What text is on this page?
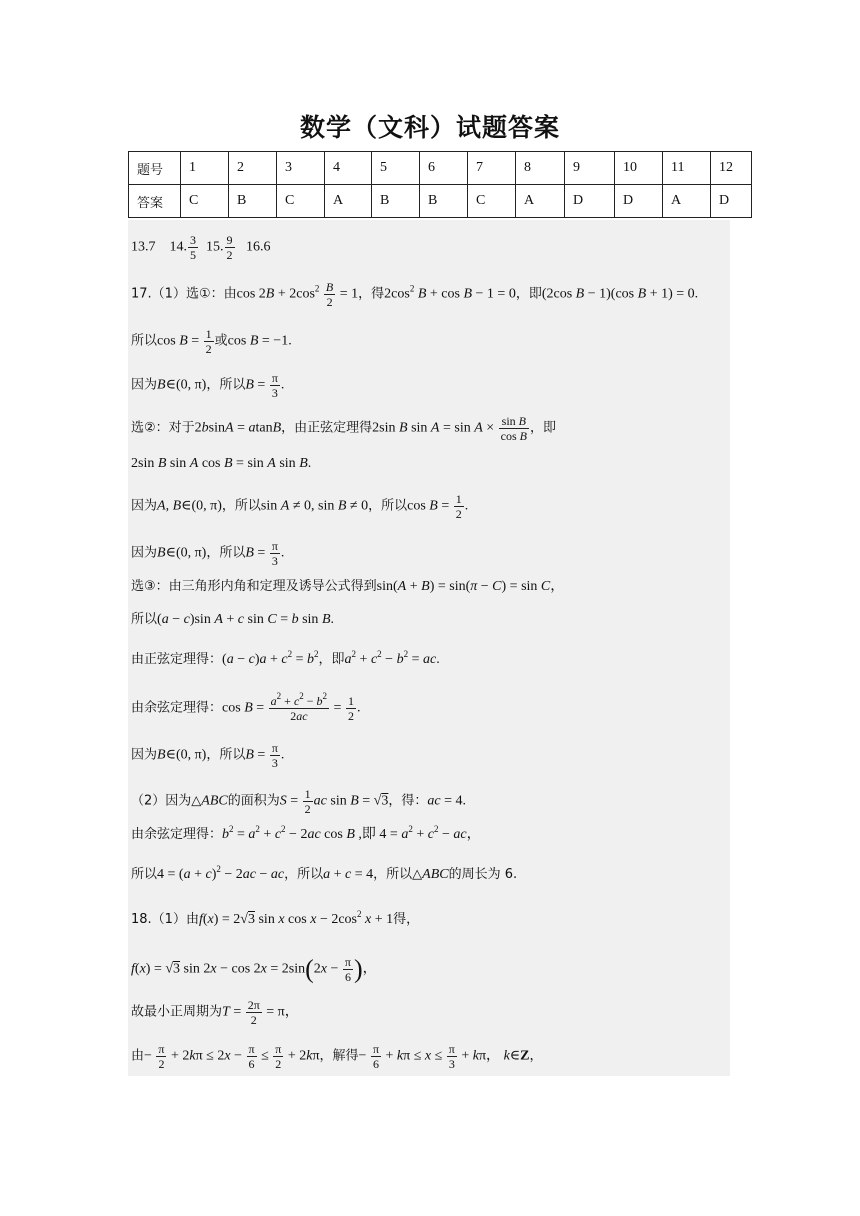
数学（文科）试题答案
题号	1	2	3	4	5	6	7	8	9	10	11	12
答案	C	B	C	A	B	B	C	A	D	D	A	D
13.7 14. $\frac{3}{5} 15$. $\frac{9}{2} 16.6$
17.（1）选①：由$\cos 2B + 2\cos^2 \frac{B}{2} = 1$，得$2\cos^2$ B + cos B − 1 = 0，即(2cos B − 1)(cos B + 1) = 0.
所以$\cos B = \frac{1}{2}$ 或cos B = −1.
因为B∈(0, π)，所以$B = \frac{\pi}{3}$ .
选②：对于2bsinA = atanB，由正弦定理得2sin B $\sin A = \sin A \times \frac{\text{sin B}}{\text{cos B}}$ ，即
2sin B sin A cos B = sin A sin B.
因为A, B∈(0, π)，所以sin A ≠ 0, sin B ≠ 0，所以$\cos B = \frac{1}{2}$ .
因为B∈(0, π)，所以$B = \frac{\pi}{3}$ .
选③：由三角形内角和定理及诱导公式得到sin(A + B) = sin(π − C) = sin C，
所以(a − c)sin A + c sin C = b sin B.
由正弦定理得：$(a - c)a + c^2 = b^2$，即$a^2 + c^2 - b^2$ = ac.
由余弦定理得：$\cos B = \frac{a^2 + c^2 - b^2}{2ac} = \frac{1}{2}$ .
因为B∈(0, π)，所以$B = \frac{\pi}{3}$ .
（2）因为△ABC的面积为$S = \frac{1}{2}$ ac sin B = √3，得：ac = 4.
由余弦定理得：$b^2 = a^2 + c^2 - 2ac$ cos B ,即 $4 = a^2 + c^2$ − ac，
所以$4 = (a + c)^2 - 2ac$ − ac，所以a + c = 4，所以△ABC的周长为 6.
18.（1）由f(x) = 2√3 sin x $\cos x - 2\cos^2$ x + 1得，
f(x) = √3 $\sin 2x - \cos 2x = 2\sin(2x - \frac{\pi}{6}$ )，
故最小正周期为$T = \frac{2\pi}{2} = \pi$，
由− $\frac{\pi}{2} + 2k\pi \le 2x - \frac{\pi}{6} \le \frac{\pi}{2} + 2k\pi$，解得− $\frac{\pi}{6} + k\pi \le x \le \frac{\pi}{3} + k\pi$， k∈Z，
